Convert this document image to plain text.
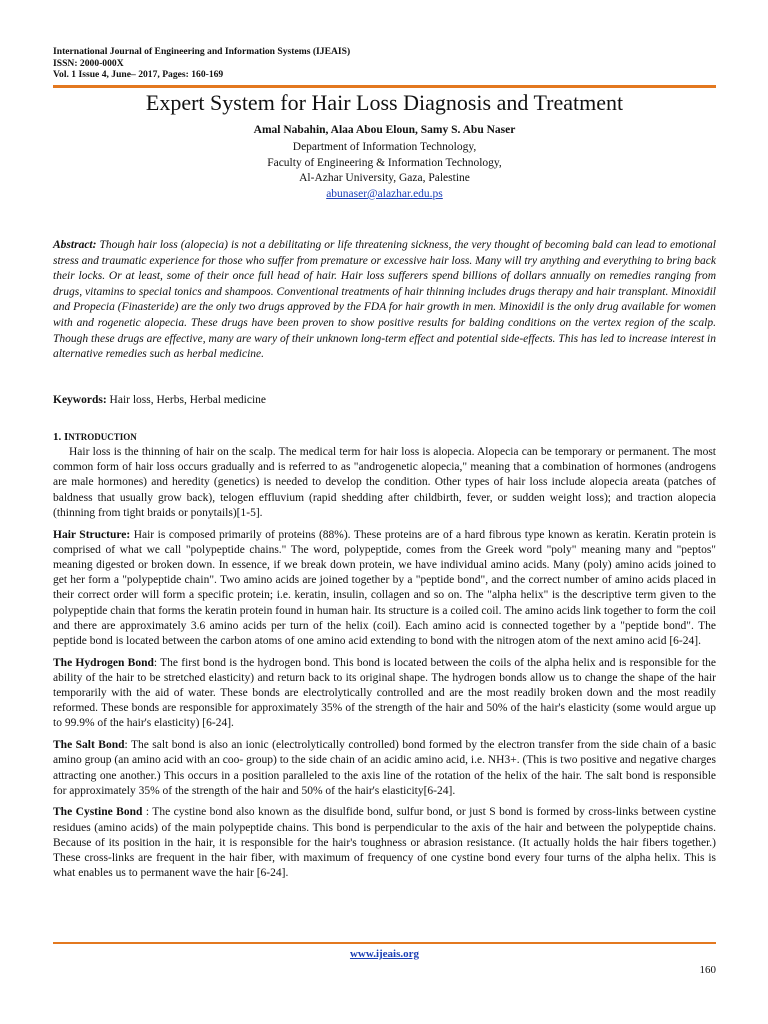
International Journal of Engineering and Information Systems (IJEAIS)
ISSN: 2000-000X
Vol. 1 Issue 4, June– 2017, Pages: 160-169
Expert System for Hair Loss Diagnosis and Treatment
Amal Nabahin, Alaa Abou Eloun, Samy S. Abu Naser
Department of Information Technology,
Faculty of Engineering & Information Technology,
Al-Azhar University, Gaza, Palestine
abunaser@alazhar.edu.ps
Abstract: Though hair loss (alopecia) is not a debilitating or life threatening sickness, the very thought of becoming bald can lead to emotional stress and traumatic experience for those who suffer from premature or excessive hair loss. Many will try anything and everything to bring back their locks. Or at least, some of their once full head of hair. Hair loss sufferers spend billions of dollars annually on remedies ranging from drugs, vitamins to special tonics and shampoos. Conventional treatments of hair thinning includes drugs therapy and hair transplant. Minoxidil and Propecia (Finasteride) are the only two drugs approved by the FDA for hair growth in men. Minoxidil is the only drug available for women with and rogenetic alopecia. These drugs have been proven to show positive results for balding conditions on the vertex region of the scalp. Though these drugs are effective, many are wary of their unknown long-term effect and potential side-effects. This has led to increase interest in alternative remedies such as herbal medicine.
Keywords: Hair loss, Herbs, Herbal medicine
1. INTRODUCTION

Hair loss is the thinning of hair on the scalp. The medical term for hair loss is alopecia. Alopecia can be temporary or permanent. The most common form of hair loss occurs gradually and is referred to as "androgenetic alopecia," meaning that a combination of hormones (androgens are male hormones) and heredity (genetics) is needed to develop the condition. Other types of hair loss include alopecia areata (patches of baldness that usually grow back), telogen effluvium (rapid shedding after childbirth, fever, or sudden weight loss); and traction alopecia (thinning from tight braids or ponytails)[1-5].

Hair Structure: Hair is composed primarily of proteins (88%). These proteins are of a hard fibrous type known as keratin. Keratin protein is comprised of what we call "polypeptide chains." The word, polypeptide, comes from the Greek word "poly" meaning many and "peptos" meaning digested or broken down. In essence, if we break down protein, we have individual amino acids. Many (poly) amino acids joined to get her form a "polypeptide chain". Two amino acids are joined together by a "peptide bond", and the correct number of amino acids placed in their correct order will form a specific protein; i.e. keratin, insulin, collagen and so on. The "alpha helix" is the descriptive term given to the polypeptide chain that forms the keratin protein found in human hair. Its structure is a coiled coil. The amino acids link together to form the coil and there are approximately 3.6 amino acids per turn of the helix (coil). Each amino acid is connected together by a "peptide bond". The peptide bond is located between the carbon atoms of one amino acid extending to bond with the nitrogen atom of the next amino acid [6-24].

The Hydrogen Bond: The first bond is the hydrogen bond. This bond is located between the coils of the alpha helix and is responsible for the ability of the hair to be stretched elasticity) and return back to its original shape. The hydrogen bonds allow us to change the shape of the hair temporarily with the aid of water. These bonds are electrolytically controlled and are the most readily broken down and the most readily reformed. These bonds are responsible for approximately 35% of the strength of the hair and 50% of the hair's elasticity (some would argue up to 99.9% of the hair's elasticity) [6-24].

The Salt Bond: The salt bond is also an ionic (electrolytically controlled) bond formed by the electron transfer from the side chain of a basic amino group (an amino acid with an coo- group) to the side chain of an acidic amino acid, i.e. NH3+. (This is two positive and negative charges attracting one another.) This occurs in a position paralleled to the axis line of the rotation of the helix of the hair. The salt bond is responsible for approximately 35% of the strength of the hair and 50% of the hair's elasticity[6-24].

The Cystine Bond : The cystine bond also known as the disulfide bond, sulfur bond, or just S bond is formed by cross-links between cystine residues (amino acids) of the main polypeptide chains. This bond is perpendicular to the axis of the hair and between the polypeptide chains. Because of its position in the hair, it is responsible for the hair's toughness or abrasion resistance. (It actually holds the hair fibers together.) These cross-links are frequent in the hair fiber, with maximum of frequency of one cystine bond every four turns of the alpha helix. This is what enables us to permanent wave the hair [6-24].

www.ijeais.org
160
